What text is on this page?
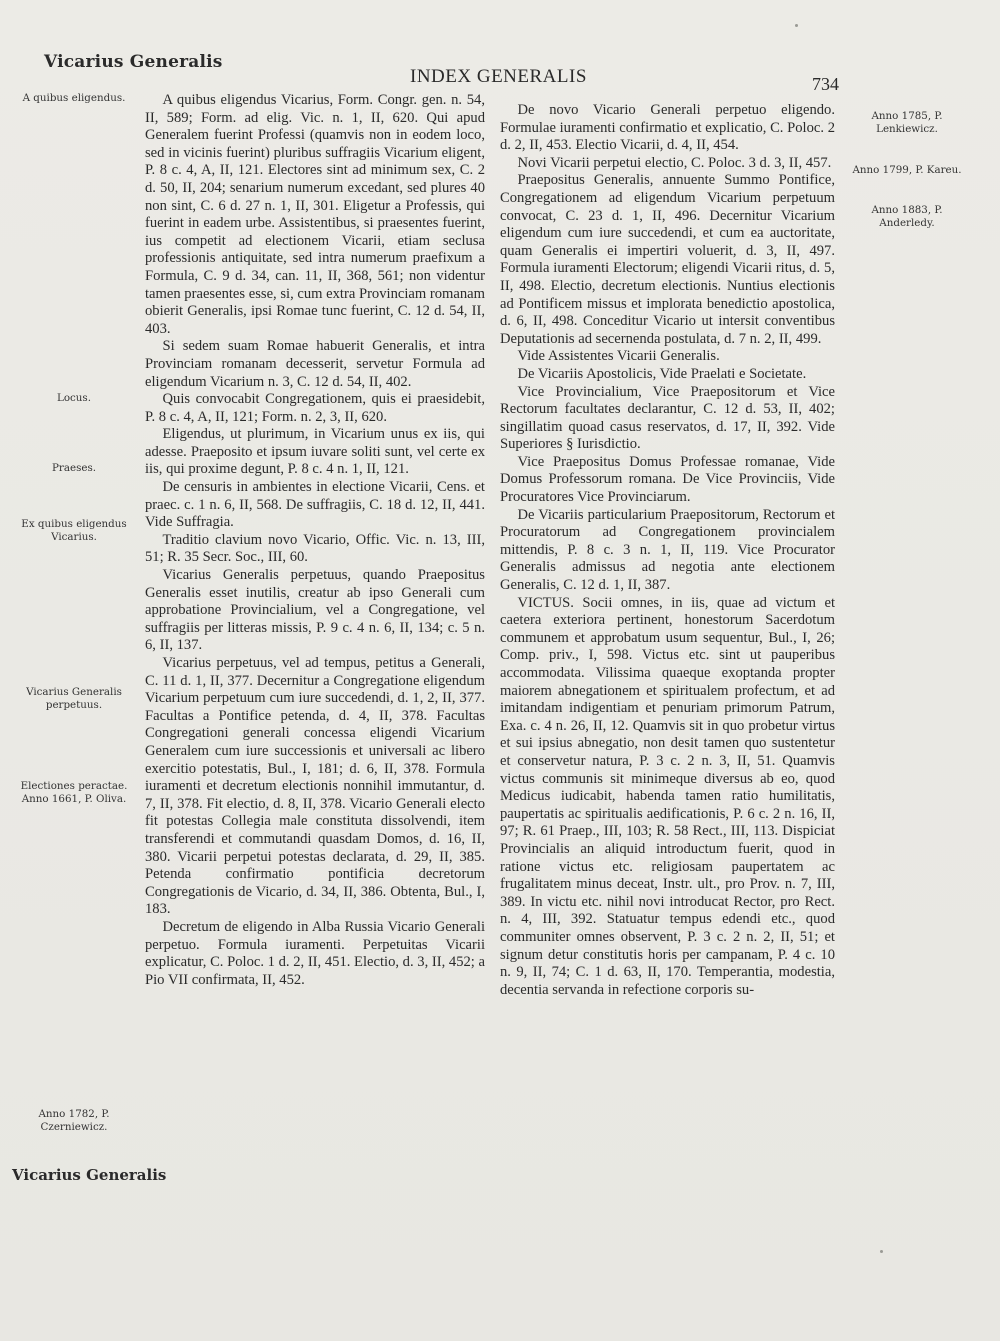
Vicarius Generalis
INDEX GENERALIS	734
A quibus eligendus.
Locus.
Praeses.
Ex quibus eligendus Vicarius.
Vicarius Generalis perpetuus.
Electiones peractae. Anno 1661, P. Oliva.
Anno 1782, P. Czerniewicz.
Anno 1785, P. Lenkiewicz.
Anno 1799, P. Kareu.
Anno 1883, P. Anderledy.

A quibus eligendus Vicarius, Form. Congr. gen. n. 54, II, 589; Form. ad elig. Vic. n. 1, II, 620. Qui apud Generalem fuerint Professi (quamvis non in eodem loco, sed in vicinis fuerint) pluribus suffragiis Vicarium eligent, P. 8 c. 4, A, II, 121. Electores sint ad minimum sex, C. 2 d. 50, II, 204; senarium numerum excedant, sed plures 40 non sint, C. 6 d. 27 n. 1, II, 301. Eligetur a Professis, qui fuerint in eadem urbe. Assistentibus, si praesentes fuerint, ius competit ad electionem Vicarii, etiam seclusa professionis antiquitate, sed intra numerum praefixum a Formula, C. 9 d. 34, can. 11, II, 368, 561; non videntur tamen praesentes esse, si, cum extra Provinciam romanam obierit Generalis, ipsi Romae tunc fuerint, C. 12 d. 54, II, 403.

Si sedem suam Romae habuerit Generalis, et intra Provinciam romanam decesserit, servetur Formula ad eligendum Vicarium n. 3, C. 12 d. 54, II, 402.

Quis convocabit Congregationem, quis ei praesidebit, P. 8 c. 4, A, II, 121; Form. n. 2, 3, II, 620.

Eligendus, ut plurimum, in Vicarium unus ex iis, qui adesse. Praeposito et ipsum iuvare soliti sunt, vel certe ex iis, qui proxime degunt, P. 8 c. 4 n. 1, II, 121.

De censuris in ambientes in electione Vicarii, Cens. et praec. c. 1 n. 6, II, 568. De suffragiis, C. 18 d. 12, II, 441. Vide Suffragia.

Traditio clavium novo Vicario, Offic. Vic. n. 13, III, 51; R. 35 Secr. Soc., III, 60.

Vicarius Generalis perpetuus, quando Praepositus Generalis esset inutilis, creatur ab ipso Generali cum approbatione Provincialium, vel a Congregatione, vel suffragiis per litteras missis, P. 9 c. 4 n. 6, II, 134; c. 5 n. 6, II, 137.

Vicarius perpetuus, vel ad tempus, petitus a Generali, C. 11 d. 1, II, 377. Decernitur a Congregatione eligendum Vicarium perpetuum cum iure succedendi, d. 1, 2, II, 377. Facultas a Pontifice petenda, d. 4, II, 378. Facultas Congregationi generali concessa eligendi Vicarium Generalem cum iure successionis et universali ac libero exercitio potestatis, Bul., I, 181; d. 6, II, 378. Formula iuramenti et decretum electionis nonnihil immutantur, d. 7, II, 378. Fit electio, d. 8, II, 378. Vicario Generali electo fit potestas Collegia male constituta dissolvendi, item transferendi et commutandi quasdam Domos, d. 16, II, 380. Vicarii perpetui potestas declarata, d. 29, II, 385. Petenda confirmatio pontificia decretorum Congregationis de Vicario, d. 34, II, 386. Obtenta, Bul., I, 183.

Decretum de eligendo in Alba Russia Vicario Generali perpetuo. Formula iuramenti. Perpetuitas Vicarii explicatur, C. Poloc. 1 d. 2, II, 451. Electio, d. 3, II, 452; a Pio VII confirmata, II, 452.

De novo Vicario Generali perpetuo eligendo. Formulae iuramenti confirmatio et explicatio, C. Poloc. 2 d. 2, II, 453. Electio Vicarii, d. 4, II, 454.

Novi Vicarii perpetui electio, C. Poloc. 3 d. 3, II, 457.

Praepositus Generalis, annuente Summo Pontifice, Congregationem ad eligendum Vicarium perpetuum convocat, C. 23 d. 1, II, 496. Decernitur Vicarium eligendum cum iure succedendi, et cum ea auctoritate, quam Generalis ei impertiri voluerit, d. 3, II, 497. Formula iuramenti Electorum; eligendi Vicarii ritus, d. 5, II, 498. Electio, decretum electionis. Nuntius electionis ad Pontificem missus et implorata benedictio apostolica, d. 6, II, 498. Conceditur Vicario ut intersit conventibus Deputationis ad secernenda postulata, d. 7 n. 2, II, 499.

Vide Assistentes Vicarii Generalis.

De Vicariis Apostolicis, Vide Praelati e Societate.

Vice Provincialium, Vice Praepositorum et Vice Rectorum facultates declarantur, C. 12 d. 53, II, 402; singillatim quoad casus reservatos, d. 17, II, 392. Vide Superiores § Iurisdictio.

Vice Praepositus Domus Professae romanae, Vide Domus Professorum romana. De Vice Provinciis, Vide Procuratores Vice Provinciarum.

De Vicariis particularium Praepositorum, Rectorum et Procuratorum ad Congregationem provincialem mittendis, P. 8 c. 3 n. 1, II, 119. Vice Procurator Generalis admissus ad negotia ante electionem Generalis, C. 12 d. 1, II, 387.

VICTUS. Socii omnes, in iis, quae ad victum et caetera exteriora pertinent, honestorum Sacerdotum communem et approbatum usum sequentur, Bul., I, 26; Comp. priv., I, 598. Victus etc. sint ut pauperibus accommodata. Vilissima quaeque exoptanda propter maiorem abnegationem et spiritualem profectum, et ad imitandam indigentiam et penuriam primorum Patrum, Exa. c. 4 n. 26, II, 12. Quamvis sit in quo probetur virtus et sui ipsius abnegatio, non desit tamen quo sustentetur et conservetur natura, P. 3 c. 2 n. 3, II, 51. Quamvis victus communis sit minimeque diversus ab eo, quod Medicus iudicabit, habenda tamen ratio humilitatis, paupertatis ac spiritualis aedificationis, P. 6 c. 2 n. 16, II, 97; R. 61 Praep., III, 103; R. 58 Rect., III, 113. Dispiciat Provincialis an aliquid introductum fuerit, quod in ratione victus etc. religiosam paupertatem ac frugalitatem minus deceat, Instr. ult., pro Prov. n. 7, III, 389. In victu etc. nihil novi introducat Rector, pro Rect. n. 4, III, 392. Statuatur tempus edendi etc., quod communiter omnes observent, P. 3 c. 2 n. 2, II, 51; et signum detur constitutis horis per campanam, P. 4 c. 10 n. 9, II, 74; C. 1 d. 63, II, 170. Temperantia, modestia, decentia servanda in refectione corporis su-

Vicarius Generalis
